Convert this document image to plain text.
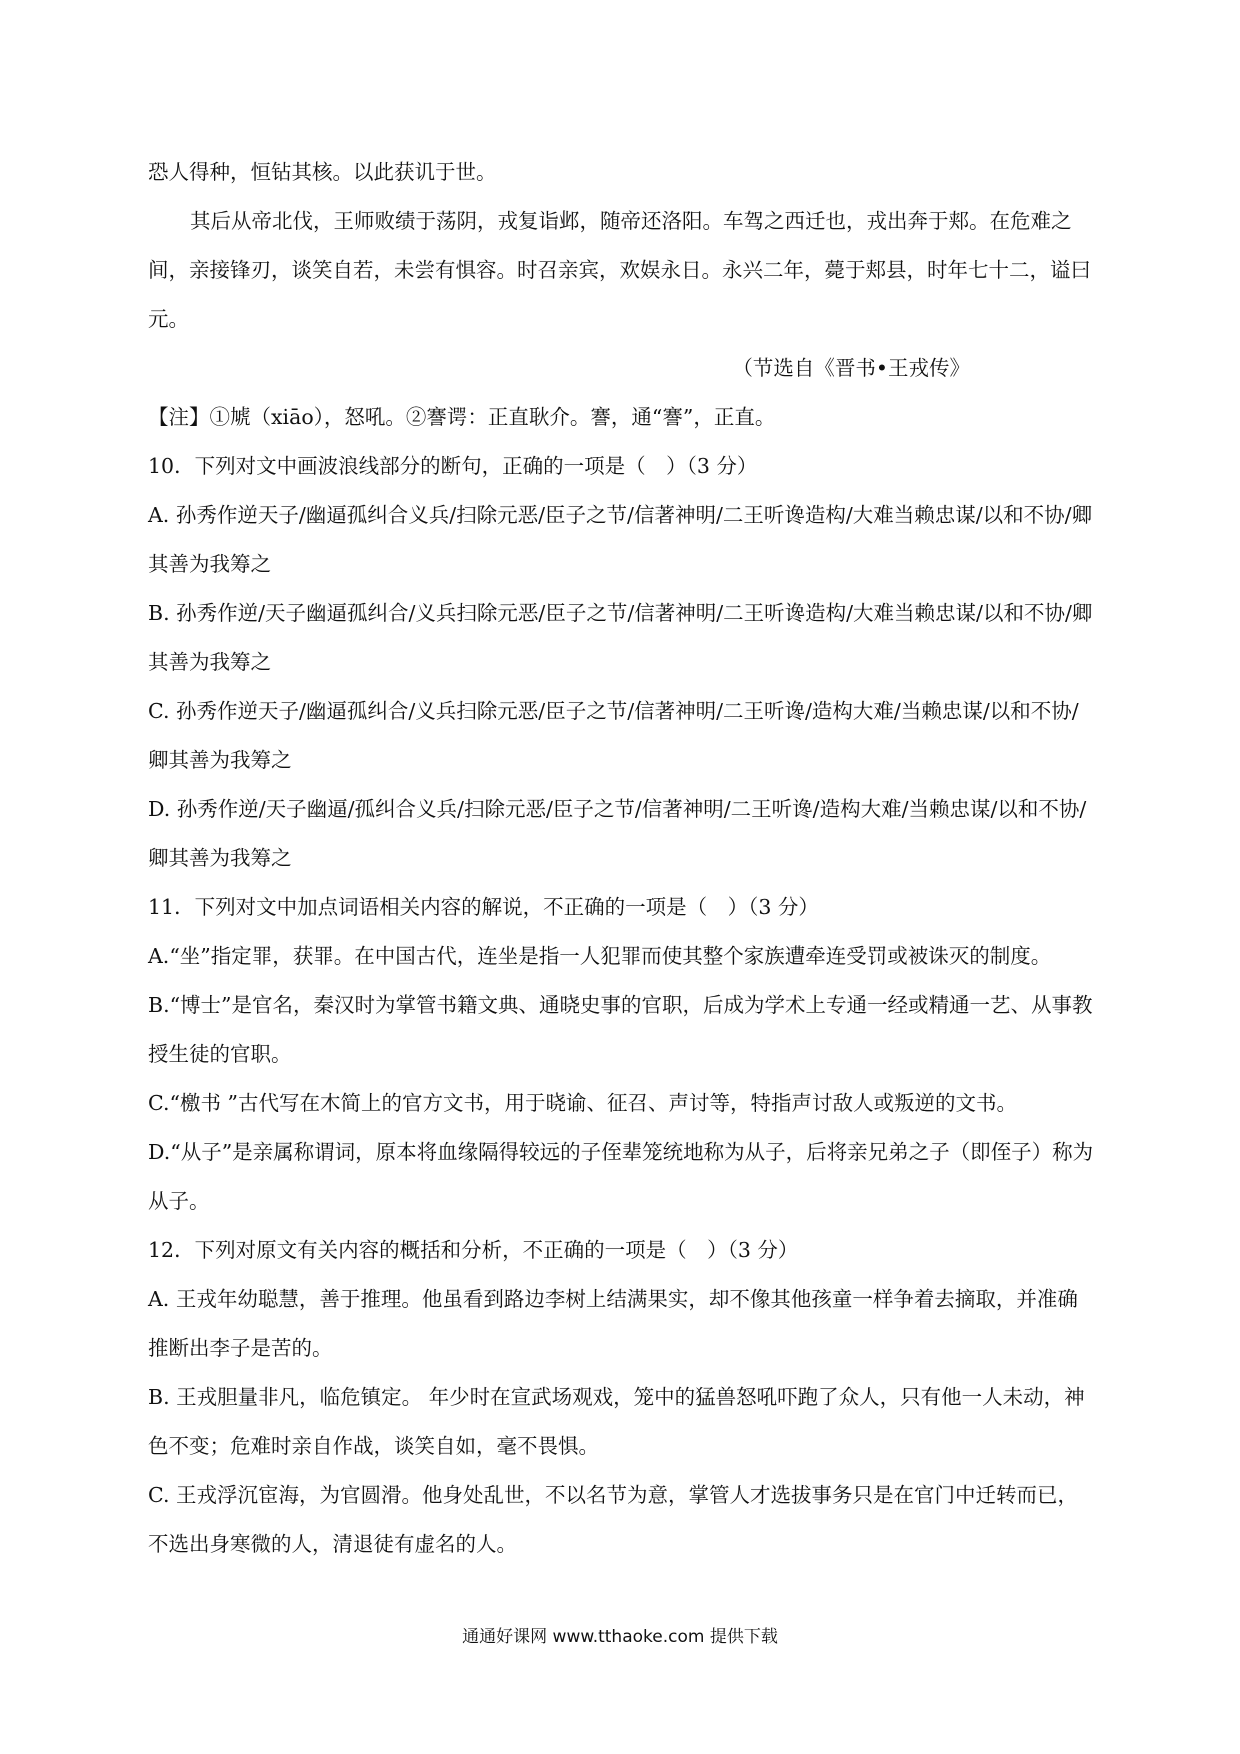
恐人得种，恒钻其核。以此获讥于世。

其后从帝北伐，王师败绩于荡阴，戎复诣邺，随帝还洛阳。车驾之西迁也，戎出奔于郏。在危难之间，亲接锋刃，谈笑自若，未尝有惧容。时召亲宾，欢娱永日。永兴二年，薨于郏县，时年七十二，谥曰元。

（节选自《晋书•王戎传》

【注】①虓（xiāo），怒吼。②謇谔：正直耿介。謇，通“謇”，正直。

10．下列对文中画波浪线部分的断句，正确的一项是（　）（3 分）

A. 孙秀作逆天子/幽逼孤纠合义兵/扫除元恶/臣子之节/信著神明/二王听谗造构/大难当赖忠谋/以和不协/卿其善为我筹之

B. 孙秀作逆/天子幽逼孤纠合/义兵扫除元恶/臣子之节/信著神明/二王听谗造构/大难当赖忠谋/以和不协/卿其善为我筹之

C. 孙秀作逆天子/幽逼孤纠合/义兵扫除元恶/臣子之节/信著神明/二王听谗/造构大难/当赖忠谋/以和不协/卿其善为我筹之

D. 孙秀作逆/天子幽逼/孤纠合义兵/扫除元恶/臣子之节/信著神明/二王听谗/造构大难/当赖忠谋/以和不协/卿其善为我筹之

11．下列对文中加点词语相关内容的解说，不正确的一项是（　）（3 分）

A.“坐”指定罪，获罪。在中国古代，连坐是指一人犯罪而使其整个家族遭牵连受罚或被诛灭的制度。

B.“博士”是官名，秦汉时为掌管书籍文典、通晓史事的官职，后成为学术上专通一经或精通一艺、从事教授生徒的官职。

C.“檄书 ”古代写在木简上的官方文书，用于晓谕、征召、声讨等，特指声讨敌人或叛逆的文书。

D.“从子”是亲属称谓词，原本将血缘隔得较远的子侄辈笼统地称为从子，后将亲兄弟之子（即侄子）称为从子。

12．下列对原文有关内容的概括和分析，不正确的一项是（　）（3 分）

A. 王戎年幼聪慧，善于推理。他虽看到路边李树上结满果实，却不像其他孩童一样争着去摘取，并准确推断出李子是苦的。

B. 王戎胆量非凡，临危镇定。 年少时在宣武场观戏，笼中的猛兽怒吼吓跑了众人，只有他一人未动，神色不变；危难时亲自作战，谈笑自如，毫不畏惧。

C. 王戎浮沉宦海，为官圆滑。他身处乱世，不以名节为意，掌管人才选拔事务只是在官门中迁转而已，不选出身寒微的人，清退徒有虚名的人。

通通好课网 www.tthaoke.com 提供下载
